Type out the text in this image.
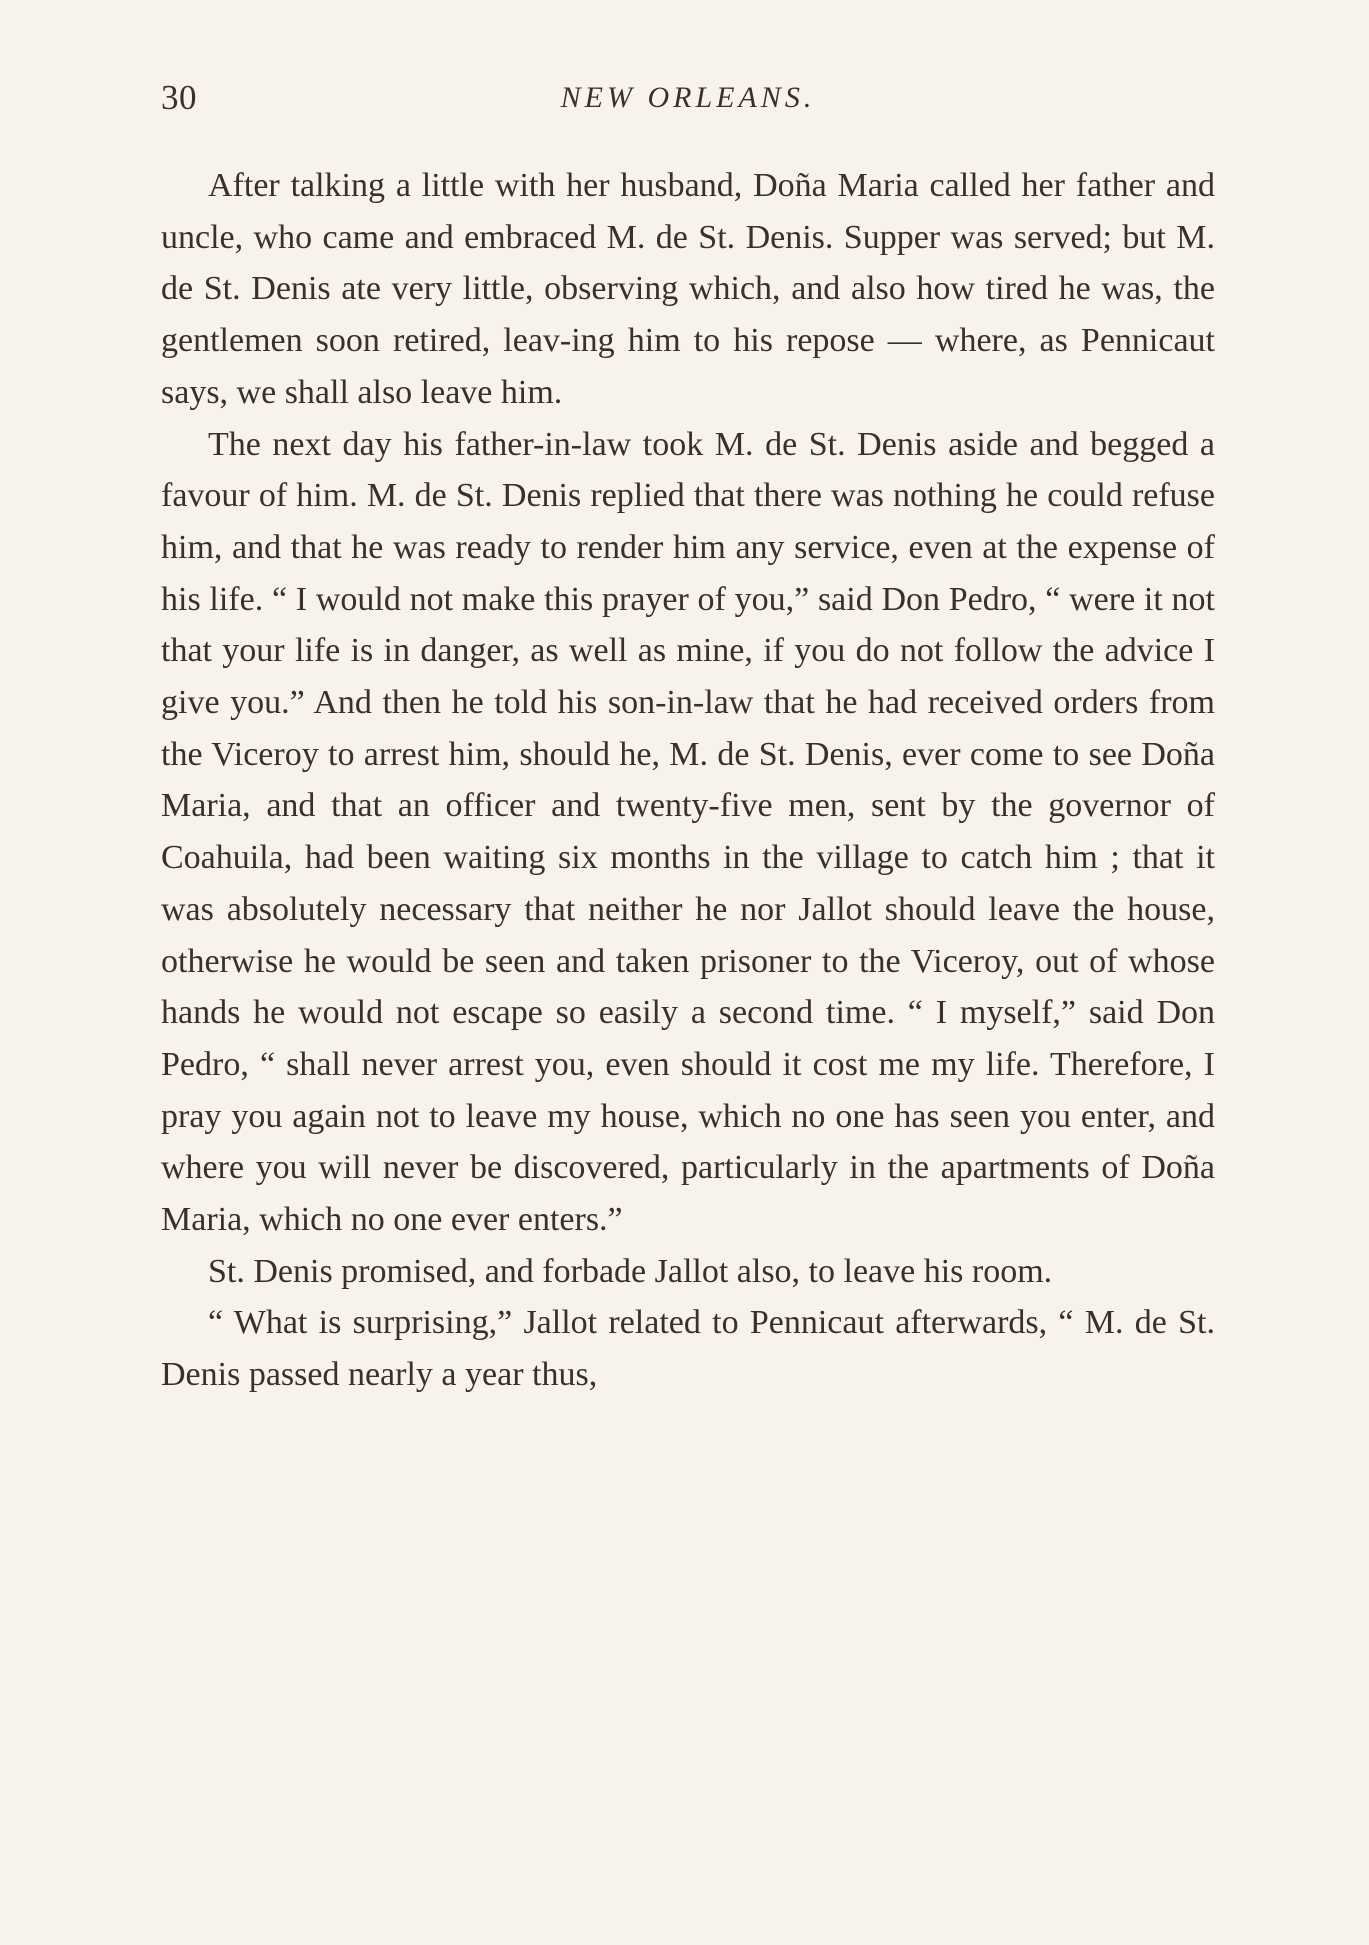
30	NEW ORLEANS.

After talking a little with her husband, Doña Maria called her father and uncle, who came and embraced M. de St. Denis. Supper was served; but M. de St. Denis ate very little, observing which, and also how tired he was, the gentlemen soon retired, leav-ing him to his repose — where, as Pennicaut says, we shall also leave him.

The next day his father-in-law took M. de St. Denis aside and begged a favour of him. M. de St. Denis replied that there was nothing he could refuse him, and that he was ready to render him any service, even at the expense of his life. “ I would not make this prayer of you,” said Don Pedro, “ were it not that your life is in danger, as well as mine, if you do not follow the advice I give you.” And then he told his son-in-law that he had received orders from the Viceroy to arrest him, should he, M. de St. Denis, ever come to see Doña Maria, and that an officer and twenty-five men, sent by the governor of Coahuila, had been waiting six months in the village to catch him ; that it was absolutely necessary that neither he nor Jallot should leave the house, otherwise he would be seen and taken prisoner to the Viceroy, out of whose hands he would not escape so easily a second time. “ I myself,” said Don Pedro, “ shall never arrest you, even should it cost me my life. Therefore, I pray you again not to leave my house, which no one has seen you enter, and where you will never be discovered, particularly in the apartments of Doña Maria, which no one ever enters.”

St. Denis promised, and forbade Jallot also, to leave his room.

“ What is surprising,” Jallot related to Pennicaut afterwards, “ M. de St. Denis passed nearly a year thus,
